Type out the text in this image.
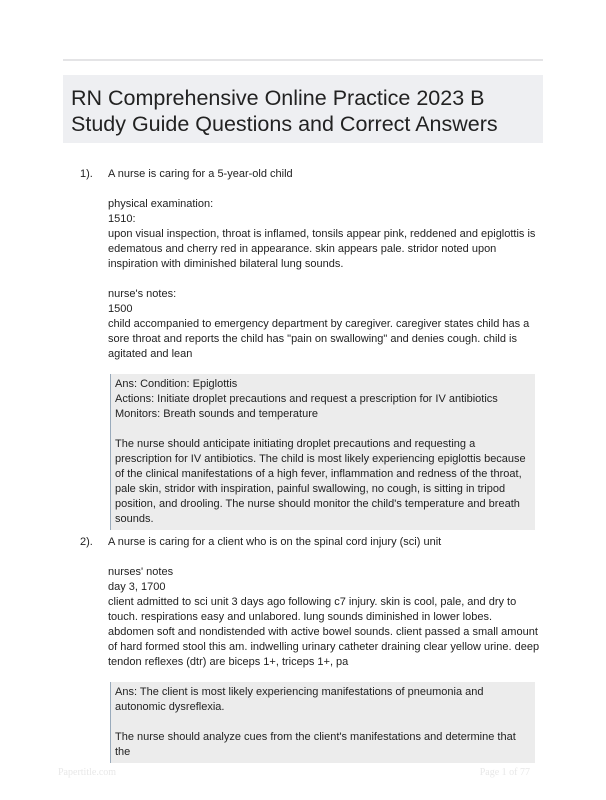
RN Comprehensive Online Practice 2023 B Study Guide Questions and Correct Answers
1). A nurse is caring for a 5-year-old child

physical examination:
1510:
upon visual inspection, throat is inflamed, tonsils appear pink, reddened and epiglottis is edematous and cherry red in appearance. skin appears pale. stridor noted upon inspiration with diminished bilateral lung sounds.

nurse's notes:
1500
child accompanied to emergency department by caregiver. caregiver states child has a sore throat and reports the child has "pain on swallowing" and denies cough. child is agitated and lean

Ans: Condition: Epiglottis
Actions: Initiate droplet precautions and request a prescription for IV antibiotics
Monitors: Breath sounds and temperature

The nurse should anticipate initiating droplet precautions and requesting a prescription for IV antibiotics. The child is most likely experiencing epiglottis because of the clinical manifestations of a high fever, inflammation and redness of the throat, pale skin, stridor with inspiration, painful swallowing, no cough, is sitting in tripod position, and drooling. The nurse should monitor the child's temperature and breath sounds.
2). A nurse is caring for a client who is on the spinal cord injury (sci) unit

nurses' notes
day 3, 1700
client admitted to sci unit 3 days ago following c7 injury. skin is cool, pale, and dry to touch. respirations easy and unlabored. lung sounds diminished in lower lobes. abdomen soft and nondistended with active bowel sounds. client passed a small amount of hard formed stool this am. indwelling urinary catheter draining clear yellow urine. deep tendon reflexes (dtr) are biceps 1+, triceps 1+, pa

Ans: The client is most likely experiencing manifestations of pneumonia and autonomic dysreflexia.

The nurse should analyze cues from the client's manifestations and determine that the
Papertitle.com	Page 1 of 77
